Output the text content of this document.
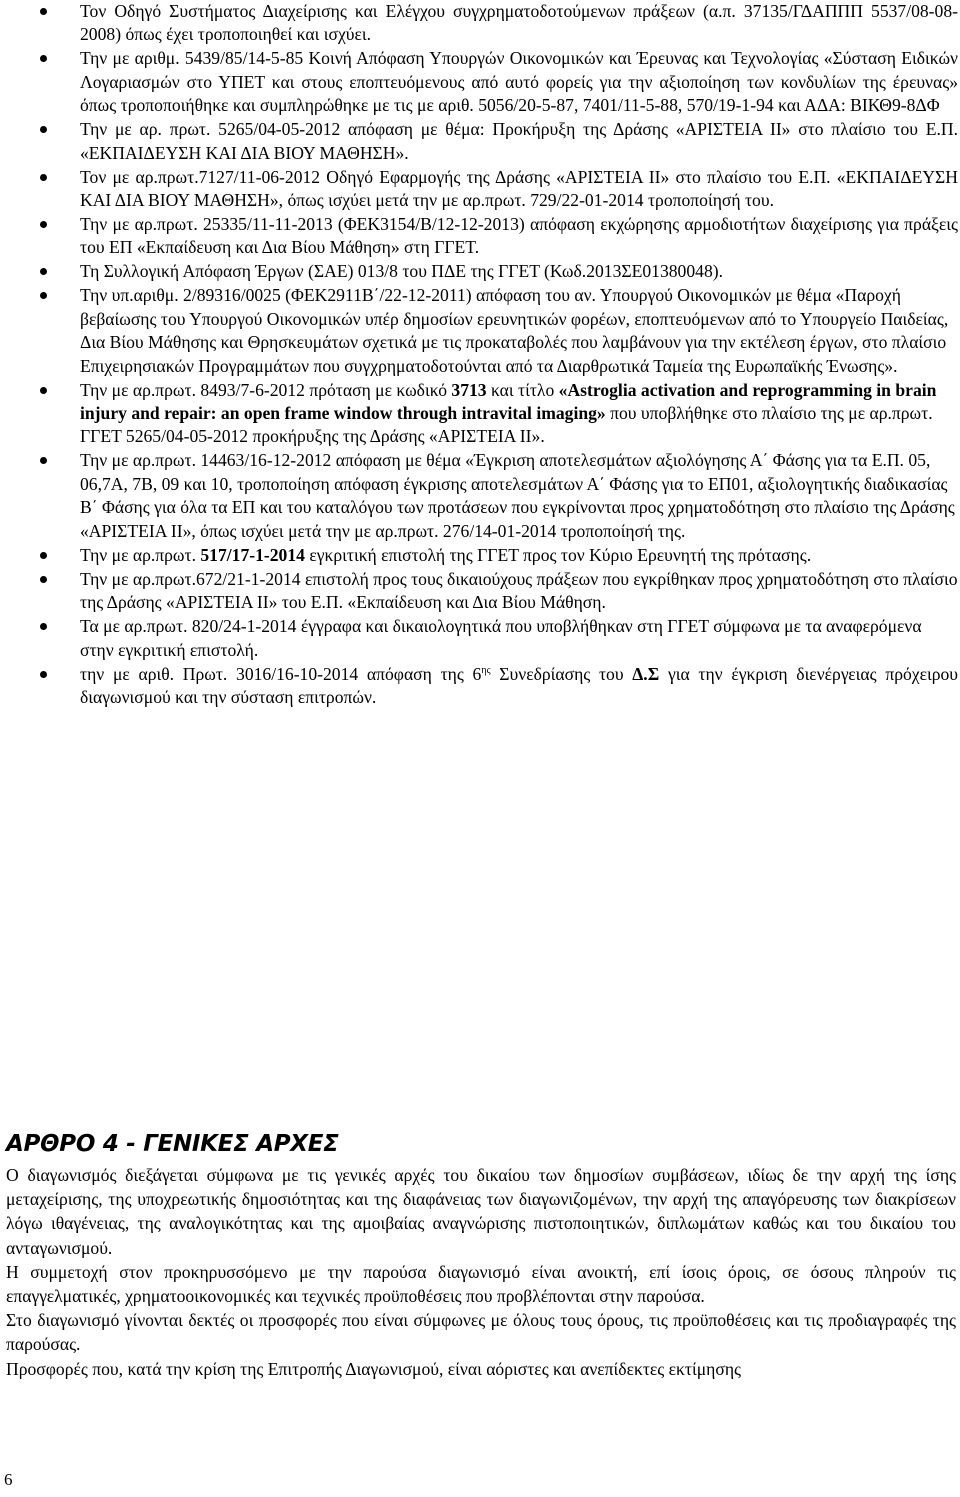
Τον Οδηγό Συστήματος Διαχείρισης και Ελέγχου συγχρηματοδοτούμενων πράξεων (α.π. 37135/ΓΔΑΠΠΠ 5537/08-08-2008) όπως έχει τροποποιηθεί και ισχύει.
Την με αριθμ. 5439/85/14-5-85 Κοινή Απόφαση Υπουργών Οικονομικών και Έρευνας και Τεχνολογίας «Σύσταση Ειδικών Λογαριασμών στο ΥΠΕΤ και στους εποπτευόμενους από αυτό φορείς για την αξιοποίηση των κονδυλίων της έρευνας» όπως τροποποιήθηκε και συμπληρώθηκε με τις με αριθ. 5056/20-5-87, 7401/11-5-88, 570/19-1-94 και ΑΔΑ: ΒΙΚΘ9-8ΔΦ
Την με αρ. πρωτ. 5265/04-05-2012 απόφαση με θέμα: Προκήρυξη της Δράσης «ΑΡΙΣΤΕΙΑ ΙΙ» στο πλαίσιο του Ε.Π. «ΕΚΠΑΙΔΕΥΣΗ ΚΑΙ ΔΙΑ ΒΙΟΥ ΜΑΘΗΣΗ».
Τον με αρ.πρωτ.7127/11-06-2012 Οδηγό Εφαρμογής της Δράσης «ΑΡΙΣΤΕΙΑ ΙΙ» στο πλαίσιο του Ε.Π. «ΕΚΠΑΙΔΕΥΣΗ ΚΑΙ ΔΙΑ ΒΙΟΥ ΜΑΘΗΣΗ», όπως ισχύει μετά την με αρ.πρωτ. 729/22-01-2014 τροποποίησή του.
Την με αρ.πρωτ. 25335/11-11-2013 (ΦΕΚ3154/Β/12-12-2013) απόφαση εκχώρησης αρμοδιοτήτων διαχείρισης για πράξεις του ΕΠ «Εκπαίδευση και Δια Βίου Μάθηση» στη ΓΓΕΤ.
Τη Συλλογική Απόφαση Έργων (ΣΑΕ) 013/8 του ΠΔΕ της ΓΓΕΤ (Κωδ.2013ΣΕ01380048).
Την υπ.αριθμ. 2/89316/0025 (ΦΕΚ2911Β΄/22-12-2011) απόφαση του αν. Υπουργού Οικονομικών με θέμα «Παροχή βεβαίωσης του Υπουργού Οικονομικών υπέρ δημοσίων ερευνητικών φορέων, εποπτευόμενων από το Υπουργείο Παιδείας, Δια Βίου Μάθησης και Θρησκευμάτων σχετικά με τις προκαταβολές που λαμβάνουν για την εκτέλεση έργων, στο πλαίσιο Επιχειρησιακών Προγραμμάτων που συγχρηματοδοτούνται από τα Διαρθρωτικά Ταμεία της Ευρωπαϊκής Ένωσης».
Την με αρ.πρωτ. 8493/7-6-2012 πρόταση με κωδικό 3713 και τίτλο «Astroglia activation and reprogramming in brain injury and repair: an open frame window through intravital imaging» που υποβλήθηκε στο πλαίσιο της με αρ.πρωτ. ΓΓΕΤ 5265/04-05-2012 προκήρυξης της Δράσης «ΑΡΙΣΤΕΙΑ ΙΙ».
Την με αρ.πρωτ. 14463/16-12-2012 απόφαση με θέμα «Έγκριση αποτελεσμάτων αξιολόγησης Α΄ Φάσης για τα Ε.Π. 05, 06,7Α, 7Β, 09 και 10, τροποποίηση απόφαση έγκρισης αποτελεσμάτων Α΄ Φάσης για το ΕΠ01, αξιολογητικής διαδικασίας Β΄ Φάσης για όλα τα ΕΠ και του καταλόγου των προτάσεων που εγκρίνονται προς χρηματοδότηση στο πλαίσιο της Δράσης «ΑΡΙΣΤΕΙΑ ΙΙ», όπως ισχύει μετά την με αρ.πρωτ. 276/14-01-2014 τροποποίησή της.
Την με αρ.πρωτ. 517/17-1-2014 εγκριτική επιστολή της ΓΓΕΤ προς τον Κύριο Ερευνητή της πρότασης.
Την με αρ.πρωτ.672/21-1-2014 επιστολή προς τους δικαιούχους πράξεων που εγκρίθηκαν προς χρηματοδότηση στο πλαίσιο της Δράσης «ΑΡΙΣΤΕΙΑ ΙΙ» του Ε.Π. «Εκπαίδευση και Δια Βίου Μάθηση.
Τα με αρ.πρωτ. 820/24-1-2014 έγγραφα και δικαιολογητικά που υποβλήθηκαν στη ΓΓΕΤ σύμφωνα με τα αναφερόμενα στην εγκριτική επιστολή.
την με αριθ. Πρωτ. 3016/16-10-2014 απόφαση της $6^{\eta\varsigma}$ Συνεδρίασης του Δ.Σ για την έγκριση διενέργειας πρόχειρου διαγωνισμού και την σύσταση επιτροπών.
ΑΡΘΡΟ 4 - ΓΕΝΙΚΕΣ ΑΡΧΕΣ

Ο διαγωνισμός διεξάγεται σύμφωνα με τις γενικές αρχές του δικαίου των δημοσίων συμβάσεων, ιδίως δε την αρχή της ίσης μεταχείρισης, της υποχρεωτικής δημοσιότητας και της διαφάνειας των διαγωνιζομένων, την αρχή της απαγόρευσης των διακρίσεων λόγω ιθαγένειας, της αναλογικότητας και της αμοιβαίας αναγνώρισης πιστοποιητικών, διπλωμάτων καθώς και του δικαίου του ανταγωνισμού.

Η συμμετοχή στον προκηρυσσόμενο με την παρούσα διαγωνισμό είναι ανοικτή, επί ίσοις όροις, σε όσους πληρούν τις επαγγελματικές, χρηματοοικονομικές και τεχνικές προϋποθέσεις που προβλέπονται στην παρούσα.

Στο διαγωνισμό γίνονται δεκτές οι προσφορές που είναι σύμφωνες με όλους τους όρους, τις προϋποθέσεις και τις προδιαγραφές της παρούσας.

Προσφορές που, κατά την κρίση της Επιτροπής Διαγωνισμού, είναι αόριστες και ανεπίδεκτες εκτίμησης

6
